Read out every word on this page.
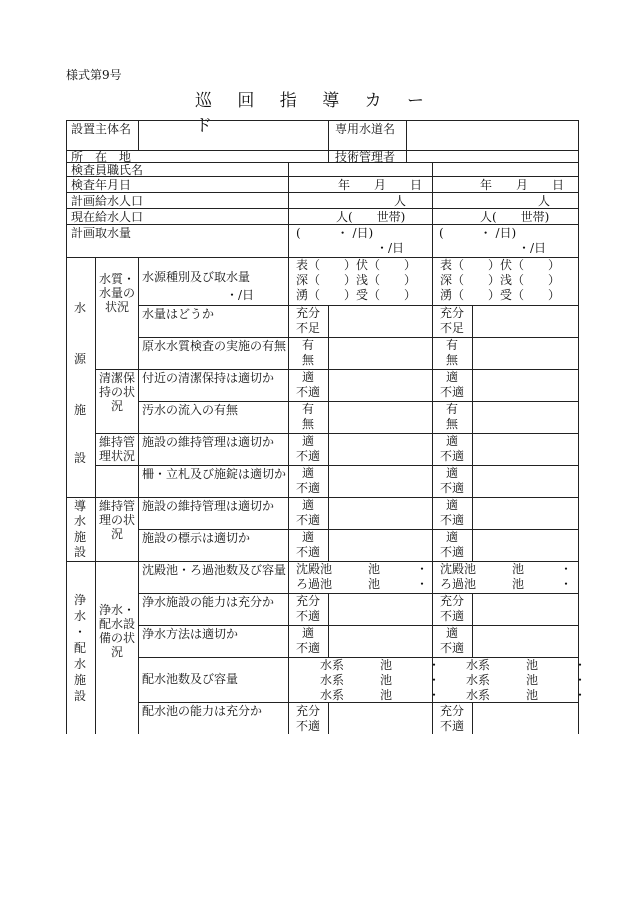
様式第9号
巡 回 指 導 カ ー ド
設置主体名	専用水道名
所　在　地	技術管理者
検査員職氏名
検査年月日
計画給水人口
現在給水人口
計画取水量
年　　月　　日
人
人(　　世帯)
(　　　・ /日)
・/日
年　　月　　日
人
人(　　世帯)
(　　　・ /日)
・/日
水
源
施
設
導
水
施
設
浄
水
・
配
水
施
設
水質・水量の状況
清潔保持の状況
維持管理状況
維持管理の状況
浄水・配水設備の状況
水源種別及び取水量
・/日
水量はどうか
原水水質検査の実施の有無
付近の清潔保持は適切か
汚水の流入の有無
施設の維持管理は適切か
柵・立札及び施錠は適切か
施設の維持管理は適切か
施設の標示は適切か
沈殿池・ろ過池数及び容量
浄水施設の能力は充分か
浄水方法は適切か
配水池数及び容量
配水池の能力は充分か
表（　　）伏（　　）
深（　　）浅（　　）
湧（　　）受（　　）
充分
不足
有
無
適
不適
有
無
適
不適
適
不適
適
不適
適
不適
沈殿池　　　池　　　・
ろ過池　　　池　　　・
充分
不適
適
不適
水系　　　池　　　・
水系　　　池　　　・
水系　　　池　　　・
充分
不適
表（　　）伏（　　）
深（　　）浅（　　）
湧（　　）受（　　）
充分
不足
有
無
適
不適
有
無
適
不適
適
不適
適
不適
適
不適
沈殿池　　　池　　　・
ろ過池　　　池　　　・
充分
不適
適
不適
水系　　　池　　　・
水系　　　池　　　・
水系　　　池　　　・
充分
不適
